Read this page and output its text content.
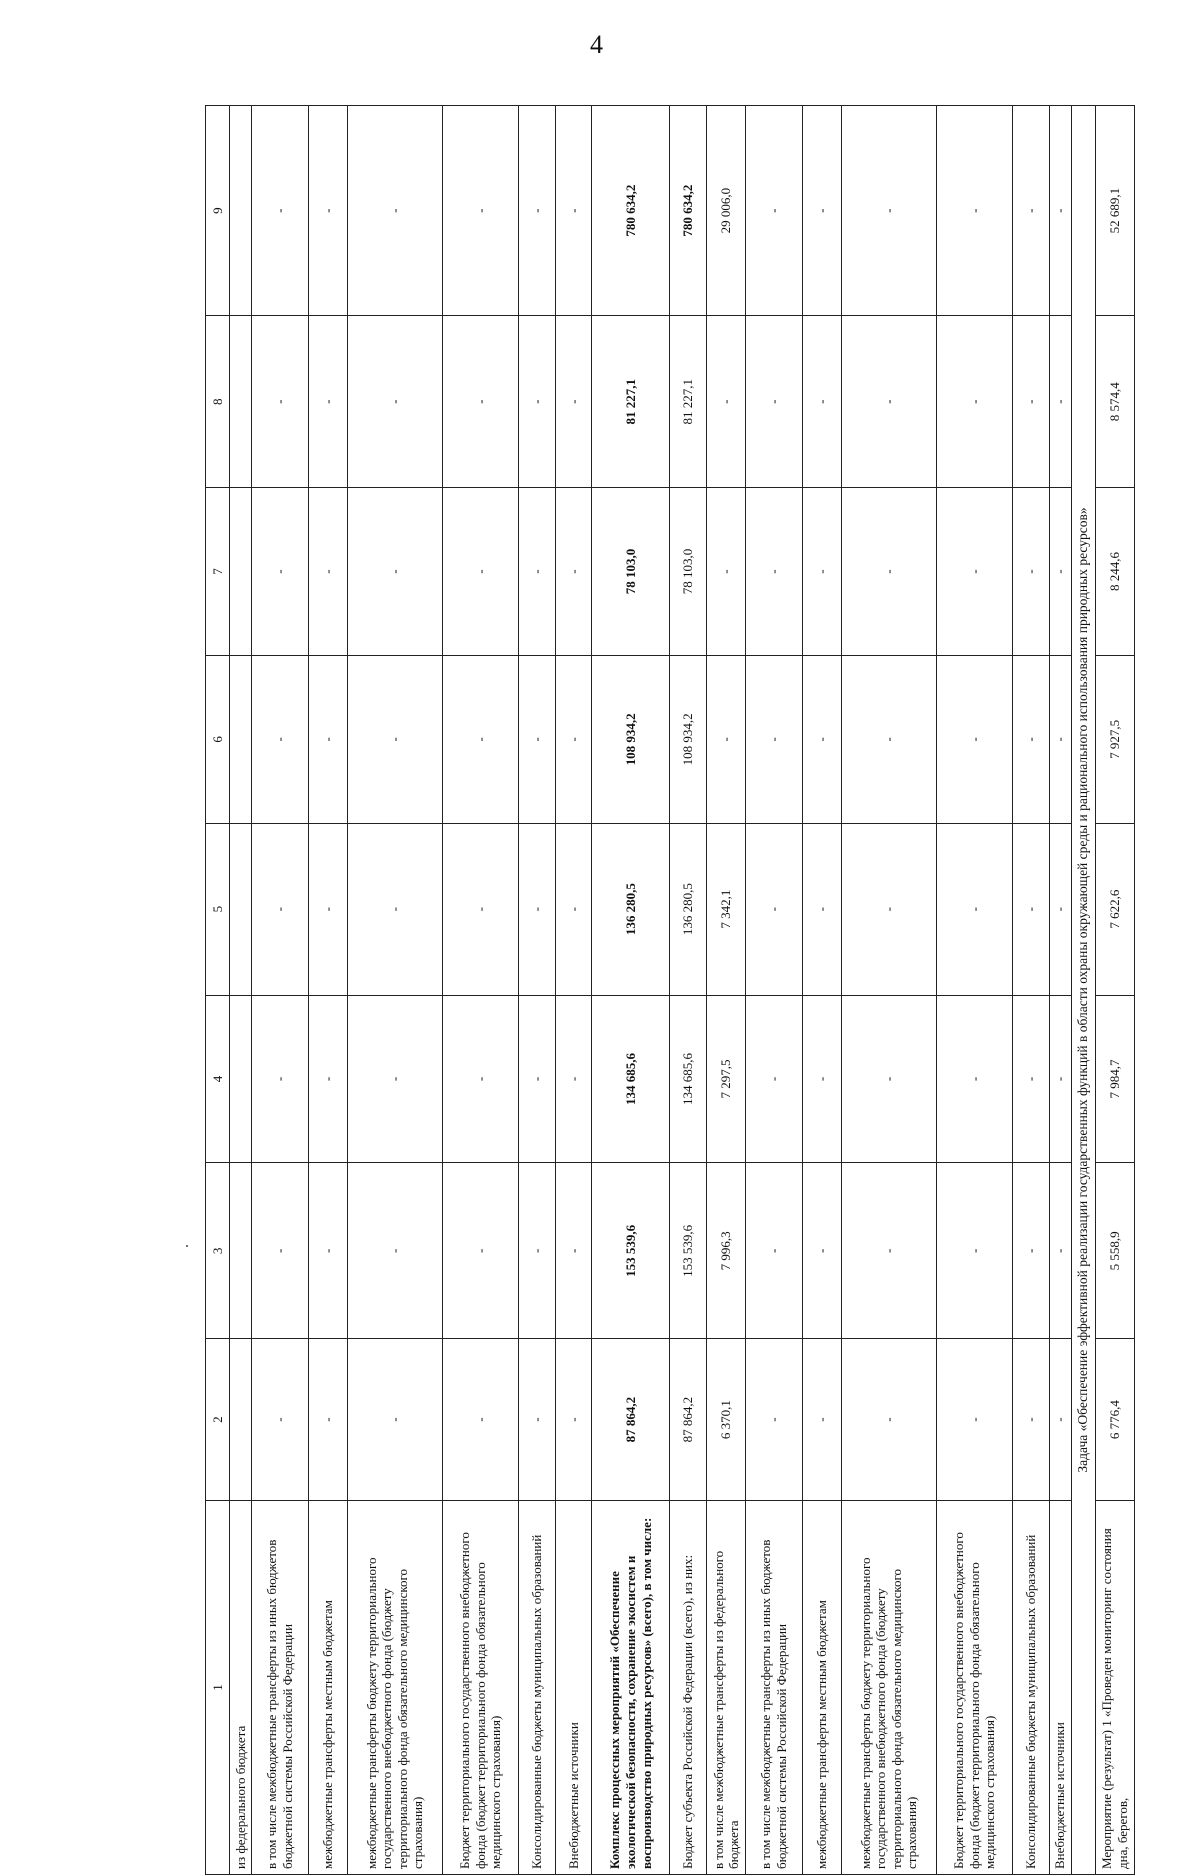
4
1	2	3	4	5	6	7	8	9
из федерального бюджета								
в том числе межбюджетные трансферты из иных бюджетов бюджетной системы Российской Федерации	-	-	-	-	-	-	-	-
межбюджетные трансферты местным бюджетам	-	-	-	-	-	-	-	-
межбюджетные трансферты бюджету территориального государственного внебюджетного фонда (бюджету территориального фонда обязательного медицинского страхования)	-	-	-	-	-	-	-	-
Бюджет территориального государственного внебюджетного фонда (бюджет территориального фонда обязательного медицинского страхования)	-	-	-	-	-	-	-	-
Консолидированные бюджеты муниципальных образований	-	-	-	-	-	-	-	-
Внебюджетные источники	-	-	-	-	-	-	-	-
Комплекс процессных мероприятий «Обеспечение экологической безопасности, сохранение экосистем и воспроизводство природных ресурсов» (всего), в том числе:	87 864,2	153 539,6	134 685,6	136 280,5	108 934,2	78 103,0	81 227,1	780 634,2
Бюджет субъекта Российской Федерации (всего), из них:	87 864,2	153 539,6	134 685,6	136 280,5	108 934,2	78 103,0	81 227,1	780 634,2
в том числе межбюджетные трансферты из федерального бюджета	6 370,1	7 996,3	7 297,5	7 342,1	-	-	-	29 006,0
в том числе межбюджетные трансферты из иных бюджетов бюджетной системы Российской Федерации	-	-	-	-	-	-	-	-
межбюджетные трансферты местным бюджетам	-	-	-	-	-	-	-	-
межбюджетные трансферты бюджету территориального государственного внебюджетного фонда (бюджету территориального фонда обязательного медицинского страхования)	-	-	-	-	-	-	-	-
Бюджет территориального государственного внебюджетного фонда (бюджет территориального фонда обязательного медицинского страхования)	-	-	-	-	-	-	-	-
Консолидированные бюджеты муниципальных образований	-	-	-	-	-	-	-	-
Внебюджетные источники	-	-	-	-	-	-	-	-
Задача «Обеспечение эффективной реализации государственных функций в области охраны окружающей среды и рационального использования природных ресурсов»								
Мероприятие (результат) 1 «Проведен мониторинг состояния дна, берегов,	6 776,4	5 558,9	7 984,7	7 622,6	7 927,5	8 244,6	8 574,4	52 689,1
